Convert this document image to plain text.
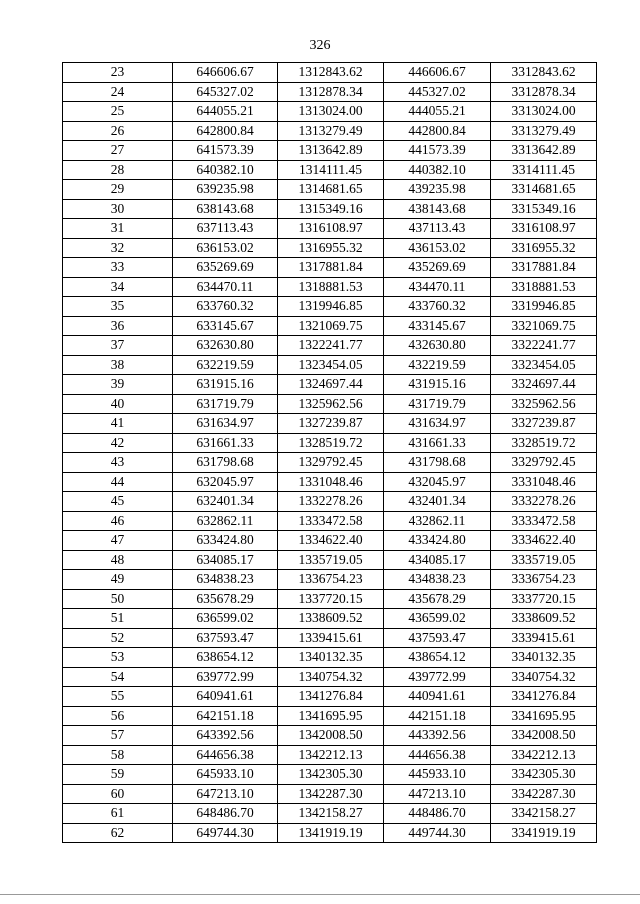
326
23	646606.67	1312843.62	446606.67	3312843.62
24	645327.02	1312878.34	445327.02	3312878.34
25	644055.21	1313024.00	444055.21	3313024.00
26	642800.84	1313279.49	442800.84	3313279.49
27	641573.39	1313642.89	441573.39	3313642.89
28	640382.10	1314111.45	440382.10	3314111.45
29	639235.98	1314681.65	439235.98	3314681.65
30	638143.68	1315349.16	438143.68	3315349.16
31	637113.43	1316108.97	437113.43	3316108.97
32	636153.02	1316955.32	436153.02	3316955.32
33	635269.69	1317881.84	435269.69	3317881.84
34	634470.11	1318881.53	434470.11	3318881.53
35	633760.32	1319946.85	433760.32	3319946.85
36	633145.67	1321069.75	433145.67	3321069.75
37	632630.80	1322241.77	432630.80	3322241.77
38	632219.59	1323454.05	432219.59	3323454.05
39	631915.16	1324697.44	431915.16	3324697.44
40	631719.79	1325962.56	431719.79	3325962.56
41	631634.97	1327239.87	431634.97	3327239.87
42	631661.33	1328519.72	431661.33	3328519.72
43	631798.68	1329792.45	431798.68	3329792.45
44	632045.97	1331048.46	432045.97	3331048.46
45	632401.34	1332278.26	432401.34	3332278.26
46	632862.11	1333472.58	432862.11	3333472.58
47	633424.80	1334622.40	433424.80	3334622.40
48	634085.17	1335719.05	434085.17	3335719.05
49	634838.23	1336754.23	434838.23	3336754.23
50	635678.29	1337720.15	435678.29	3337720.15
51	636599.02	1338609.52	436599.02	3338609.52
52	637593.47	1339415.61	437593.47	3339415.61
53	638654.12	1340132.35	438654.12	3340132.35
54	639772.99	1340754.32	439772.99	3340754.32
55	640941.61	1341276.84	440941.61	3341276.84
56	642151.18	1341695.95	442151.18	3341695.95
57	643392.56	1342008.50	443392.56	3342008.50
58	644656.38	1342212.13	444656.38	3342212.13
59	645933.10	1342305.30	445933.10	3342305.30
60	647213.10	1342287.30	447213.10	3342287.30
61	648486.70	1342158.27	448486.70	3342158.27
62	649744.30	1341919.19	449744.30	3341919.19
